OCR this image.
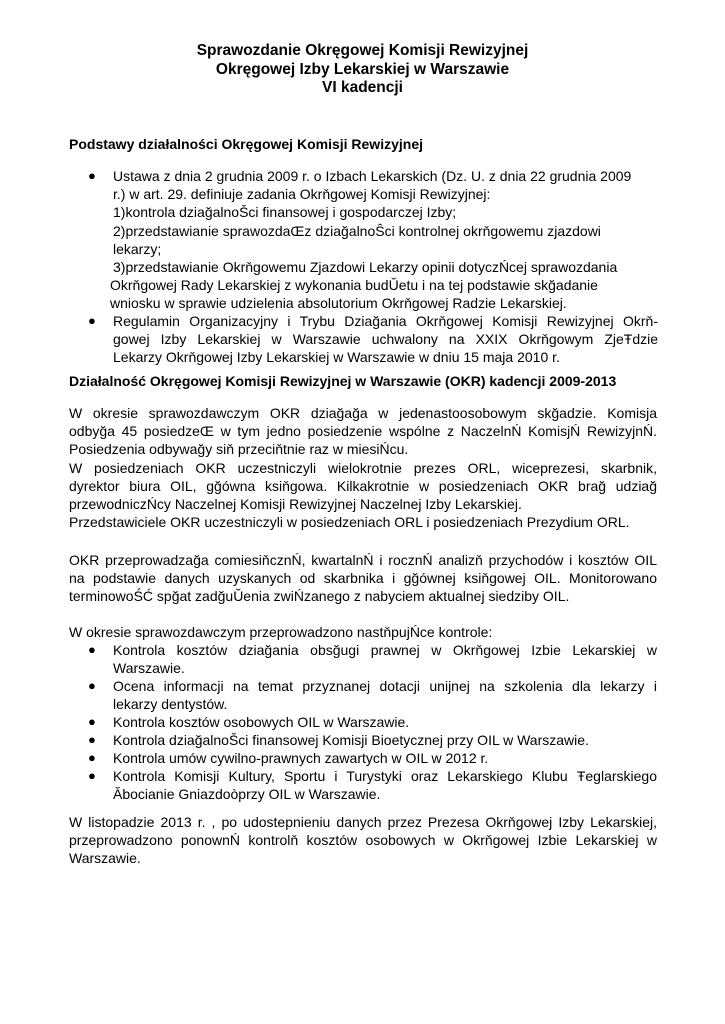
Sprawozdanie Okręgowej Komisji Rewizyjnej
Okręgowej Izby Lekarskiej w Warszawie
VI kadencji
Podstawy działalności Okręgowej Komisji Rewizyjnej
● Ustawa z dnia 2 grudnia 2009 r. o Izbach Lekarskich (Dz. U. z dnia 22 grudnia 2009
r.) w art. 29. definiuje zadania Okrňgowej Komisji Rewizyjnej:
1)kontrola dziağalnoŠci finansowej i gospodarczej Izby;
2)przedstawianie sprawozdaŒz dziağalnoŜci kontrolnej okrňgowemu zjazdowi
lekarzy;
3)przedstawianie Okrňgowemu Zjazdowi Lekarzy opinii dotyczŃcej sprawozdania
Okrňgowej Rady Lekarskiej z wykonania budŬetu i na tej podstawie skğadanie
wniosku w sprawie udzielenia absolutorium Okrňgowej Radzie Lekarskiej.
● Regulamin Organizacyjny i Trybu Dziağania Okrňgowej Komisji Rewizyjnej Okrň-
gowej Izby Lekarskiej w Warszawie uchwalony na XXIX Okrňgowym ZjeŦdzie
Lekarzy Okrňgowej Izby Lekarskiej w Warszawie w dniu 15 maja 2010 r.
Działalność Okręgowej Komisji Rewizyjnej w Warszawie (OKR) kadencji 2009-2013
W okresie sprawozdawczym OKR dziağağa w jedenastoosobowym skğadzie. Komisja
odbyğa 45 posiedzeŒ w tym jedno posiedzenie wspólne z NaczelnŃ KomisjŃ RewizyjnŃ.
Posiedzenia odbywağy siň przeciňtnie raz w miesiŃcu.
W posiedzeniach OKR uczestniczyli wielokrotnie prezes ORL, wiceprezesi, skarbnik,
dyrektor biura OIL, gğówna ksiňgowa. Kilkakrotnie w posiedzeniach OKR brağ udziağ
przewodniczŃcy Naczelnej Komisji Rewizyjnej Naczelnej Izby Lekarskiej.
Przedstawiciele OKR uczestniczyli w posiedzeniach ORL i posiedzeniach Prezydium ORL.
OKR przeprowadzağa comiesiňcznŃ, kwartalnŃ i rocznŃ analizň przychodów i kosztów OIL
na podstawie danych uzyskanych od skarbnika i gğównej ksiňgowej OIL. Monitorowano
terminowoŚĆ spğat zadğuŬenia zwiŃzanego z nabyciem aktualnej siedziby OIL.
W okresie sprawozdawczym przeprowadzono nastňpujŃce kontrole:
● Kontrola kosztów dziağania obsğugi prawnej w Okrňgowej Izbie Lekarskiej w
Warszawie.
● Ocena informacji na temat przyznanej dotacji unijnej na szkolenia dla lekarzy i
lekarzy dentystów.
● Kontrola kosztów osobowych OIL w Warszawie.
● Kontrola dziağalnoŠci finansowej Komisji Bioetycznej przy OIL w Warszawie.
● Kontrola umów cywilno-prawnych zawartych w OIL w 2012 r.
● Kontrola Komisji Kultury, Sportu i Turystyki oraz Lekarskiego Klubu Ŧeglarskiego
Ăbocianie Gniazdoòprzy OIL w Warszawie.
W listopadzie 2013 r. , po udostepnieniu danych przez Prezesa Okrňgowej Izby Lekarskiej,
przeprowadzono ponownŃ kontrolň kosztów osobowych w Okrňgowej Izbie Lekarskiej w
Warszawie.
